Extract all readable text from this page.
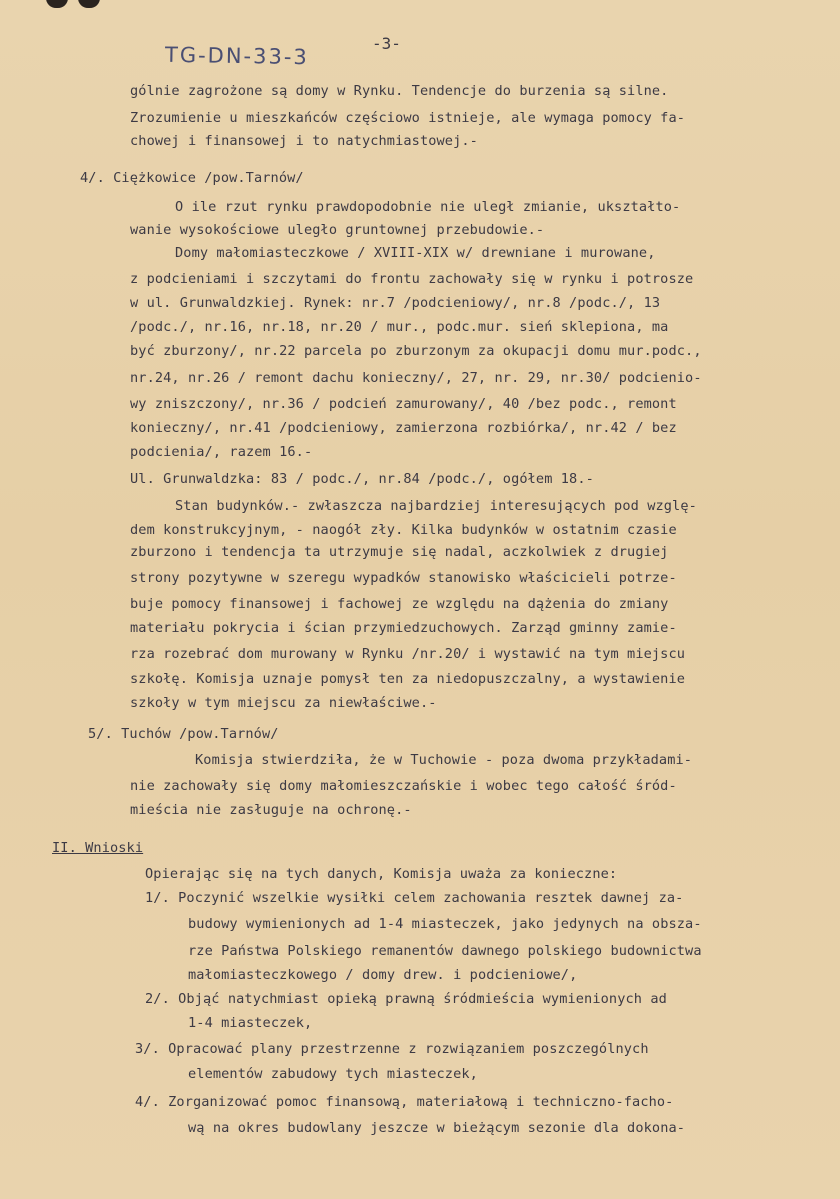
TG-DN-33-3	-3-
gólnie zagrożone są domy w Rynku. Tendencje do burzenia są silne.
Zrozumienie u mieszkańców częściowo istnieje, ale wymaga pomocy fa-
chowej i finansowej i to natychmiastowej.-
4/. Ciężkowice /pow.Tarnów/
O ile rzut rynku prawdopodobnie nie uległ zmianie, ukształto-
wanie wysokościowe uległo gruntownej przebudowie.-
Domy małomiasteczkowe / XVIII-XIX w/ drewniane i murowane,
z podcieniami i szczytami do frontu zachowały się w rynku i potrosze
w ul. Grunwaldzkiej. Rynek: nr.7 /podcieniowy/, nr.8 /podc./, 13
/podc./, nr.16, nr.18, nr.20 / mur., podc.mur. sień sklepiona, ma
być zburzony/, nr.22 parcela po zburzonym za okupacji domu mur.podc.,
nr.24, nr.26 / remont dachu konieczny/, 27, nr. 29, nr.30/ podcienio-
wy zniszczony/, nr.36 / podcień zamurowany/, 40 /bez podc., remont
konieczny/, nr.41 /podcieniowy, zamierzona rozbiórka/, nr.42 / bez
podcienia/, razem 16.-
Ul. Grunwaldzka: 83 / podc./, nr.84 /podc./, ogółem 18.-
Stan budynków.- zwłaszcza najbardziej interesujących pod wzglę-
dem konstrukcyjnym, - naogół zły. Kilka budynków w ostatnim czasie
zburzono i tendencja ta utrzymuje się nadal, aczkolwiek z drugiej
strony pozytywne w szeregu wypadków stanowisko właścicieli potrze-
buje pomocy finansowej i fachowej ze względu na dążenia do zmiany
materiału pokrycia i ścian przymiedzuchowych. Zarząd gminny zamie-
rza rozebrać dom murowany w Rynku /nr.20/ i wystawić na tym miejscu
szkołę. Komisja uznaje pomysł ten za niedopuszczalny, a wystawienie
szkoły w tym miejscu za niewłaściwe.-
5/. Tuchów /pow.Tarnów/
Komisja stwierdziła, że w Tuchowie - poza dwoma przykładami-
nie zachowały się domy małomieszczańskie i wobec tego całość śród-
mieścia nie zasługuje na ochronę.-
II. Wnioski
Opierając się na tych danych, Komisja uważa za konieczne:
1/. Poczynić wszelkie wysiłki celem zachowania resztek dawnej za-
budowy wymienionych ad 1-4 miasteczek, jako jedynych na obsza-
rze Państwa Polskiego remanentów dawnego polskiego budownictwa
małomiasteczkowego / domy drew. i podcieniowe/,
2/. Objąć natychmiast opieką prawną śródmieścia wymienionych ad
1-4 miasteczek,
3/. Opracować plany przestrzenne z rozwiązaniem poszczególnych
elementów zabudowy tych miasteczek,
4/. Zorganizować pomoc finansową, materiałową i techniczno-facho-
wą na okres budowlany jeszcze w bieżącym sezonie dla dokona-
